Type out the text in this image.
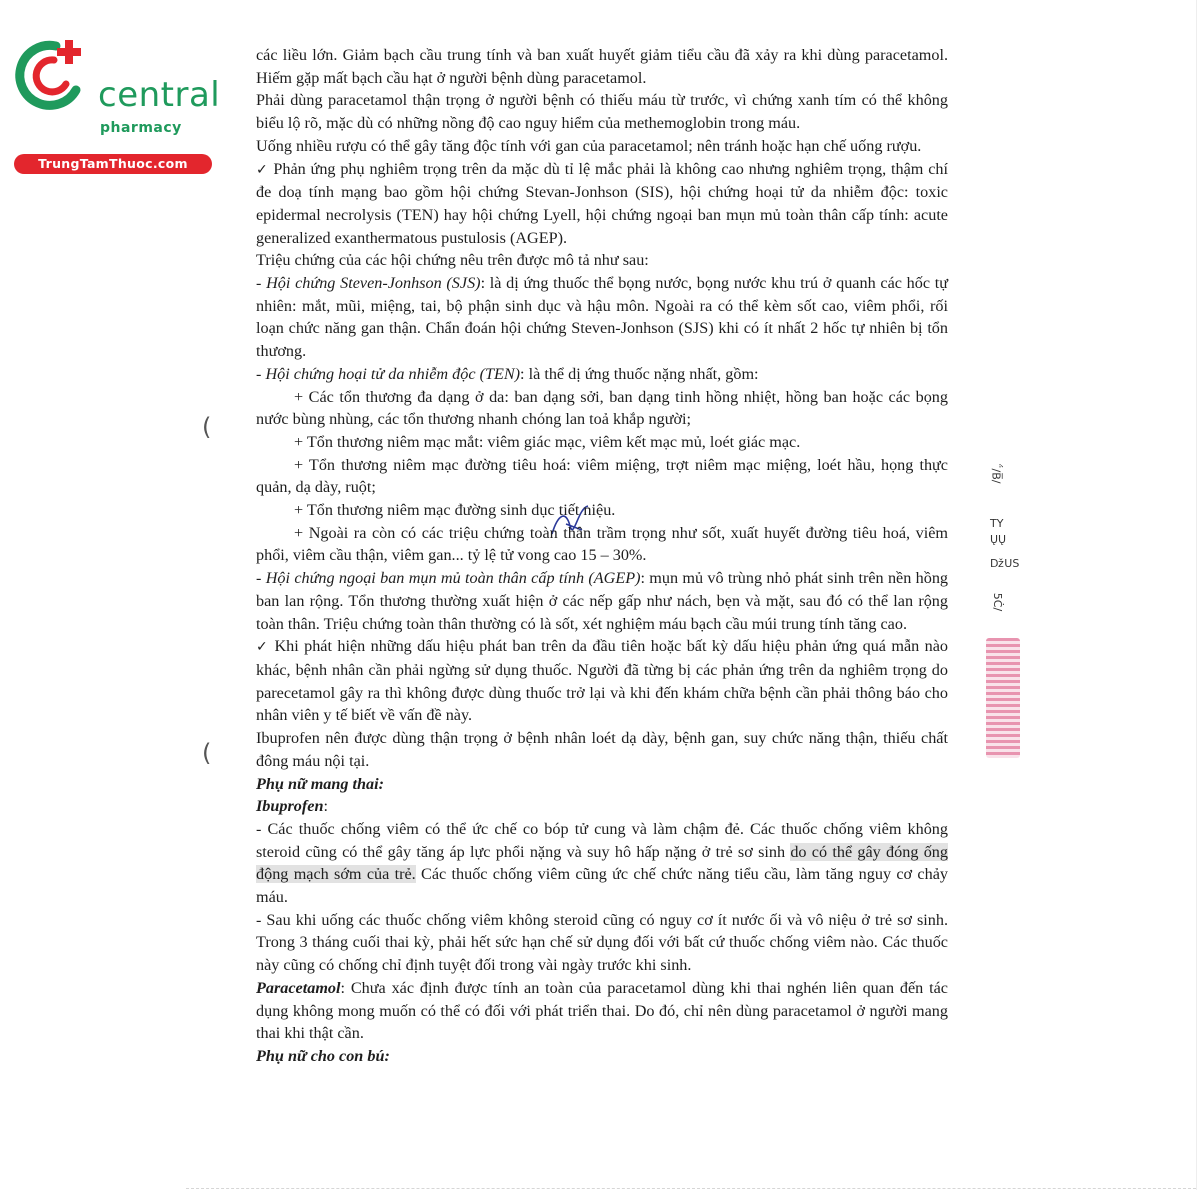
central
pharmacy
TrungTamThuoc.com
(
(
̈́/B̅/
TY
ŲŲ
ǅUS
5Ċ/

các liều lớn. Giảm bạch cầu trung tính và ban xuất huyết giảm tiểu cầu đã xảy ra khi dùng paracetamol. Hiếm gặp mất bạch cầu hạt ở người bệnh dùng paracetamol.

Phải dùng paracetamol thận trọng ở người bệnh có thiếu máu từ trước, vì chứng xanh tím có thể không biểu lộ rõ, mặc dù có những nồng độ cao nguy hiểm của methemoglobin trong máu.

Uống nhiều rượu có thể gây tăng độc tính với gan của paracetamol; nên tránh hoặc hạn chế uống rượu.

✓ Phản ứng phụ nghiêm trọng trên da mặc dù tỉ lệ mắc phải là không cao nhưng nghiêm trọng, thậm chí đe doạ tính mạng bao gồm hội chứng Stevan-Jonhson (SIS), hội chứng hoại tử da nhiễm độc: toxic epidermal necrolysis (TEN) hay hội chứng Lyell, hội chứng ngoại ban mụn mủ toàn thân cấp tính: acute generalized exanthermatous pustulosis (AGEP).

Triệu chứng của các hội chứng nêu trên được mô tả như sau:

- Hội chứng Steven-Jonhson (SJS): là dị ứng thuốc thể bọng nước, bọng nước khu trú ở quanh các hốc tự nhiên: mắt, mũi, miệng, tai, bộ phận sinh dục và hậu môn. Ngoài ra có thể kèm sốt cao, viêm phổi, rối loạn chức năng gan thận. Chẩn đoán hội chứng Steven-Jonhson (SJS) khi có ít nhất 2 hốc tự nhiên bị tổn thương.

- Hội chứng hoại tử da nhiễm độc (TEN): là thể dị ứng thuốc nặng nhất, gồm:

+ Các tổn thương đa dạng ở da: ban dạng sởi, ban dạng tinh hồng nhiệt, hồng ban hoặc các bọng nước bùng nhùng, các tổn thương nhanh chóng lan toả khắp người;

+ Tổn thương niêm mạc mắt: viêm giác mạc, viêm kết mạc mủ, loét giác mạc.

+ Tổn thương niêm mạc đường tiêu hoá: viêm miệng, trợt niêm mạc miệng, loét hầu, họng thực quản, dạ dày, ruột;

+ Tổn thương niêm mạc đường sinh dục tiết niệu.

+ Ngoài ra còn có các triệu chứng toàn thân trầm trọng như sốt, xuất huyết đường tiêu hoá, viêm phổi, viêm cầu thận, viêm gan... tỷ lệ tử vong cao 15 – 30%.

- Hội chứng ngoại ban mụn mủ toàn thân cấp tính (AGEP): mụn mủ vô trùng nhỏ phát sinh trên nền hồng ban lan rộng. Tổn thương thường xuất hiện ở các nếp gấp như nách, bẹn và mặt, sau đó có thể lan rộng toàn thân. Triệu chứng toàn thân thường có là sốt, xét nghiệm máu bạch cầu múi trung tính tăng cao.

✓ Khi phát hiện những dấu hiệu phát ban trên da đầu tiên hoặc bất kỳ dấu hiệu phản ứng quá mẫn nào khác, bệnh nhân cần phải ngừng sử dụng thuốc. Người đã từng bị các phản ứng trên da nghiêm trọng do parecetamol gây ra thì không được dùng thuốc trở lại và khi đến khám chữa bệnh cần phải thông báo cho nhân viên y tế biết về vấn đề này.

Ibuprofen nên được dùng thận trọng ở bệnh nhân loét dạ dày, bệnh gan, suy chức năng thận, thiếu chất đông máu nội tại.

Phụ nữ mang thai:

Ibuprofen:

- Các thuốc chống viêm có thể ức chế co bóp tử cung và làm chậm đẻ. Các thuốc chống viêm không steroid cũng có thể gây tăng áp lực phổi nặng và suy hô hấp nặng ở trẻ sơ sinh do có thể gây đóng ống động mạch sớm của trẻ. Các thuốc chống viêm cũng ức chế chức năng tiểu cầu, làm tăng nguy cơ chảy máu.

- Sau khi uống các thuốc chống viêm không steroid cũng có nguy cơ ít nước ối và vô niệu ở trẻ sơ sinh. Trong 3 tháng cuối thai kỳ, phải hết sức hạn chế sử dụng đối với bất cứ thuốc chống viêm nào. Các thuốc này cũng có chống chỉ định tuyệt đối trong vài ngày trước khi sinh.

Paracetamol: Chưa xác định được tính an toàn của paracetamol dùng khi thai nghén liên quan đến tác dụng không mong muốn có thể có đối với phát triển thai. Do đó, chỉ nên dùng paracetamol ở người mang thai khi thật cần.

Phụ nữ cho con bú:
